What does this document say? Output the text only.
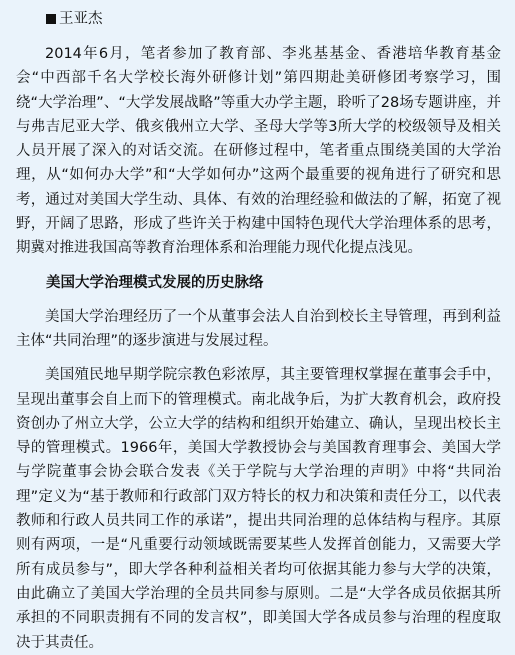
王亚杰

2014年6月，笔者参加了教育部、李兆基基金、香港培华教育基金会“中西部千名大学校长海外研修计划”第四期赴美研修团考察学习，围绕“大学治理”、“大学发展战略”等重大办学主题，聆听了28场专题讲座，并与弗吉尼亚大学、俄亥俄州立大学、圣母大学等3所大学的校级领导及相关人员开展了深入的对话交流。在研修过程中，笔者重点围绕美国的大学治理，从“如何办大学”和“大学如何办”这两个最重要的视角进行了研究和思考，通过对美国大学生动、具体、有效的治理经验和做法的了解，拓宽了视野，开阔了思路，形成了些许关于构建中国特色现代大学治理体系的思考，期冀对推进我国高等教育治理体系和治理能力现代化提点浅见。

美国大学治理模式发展的历史脉络

美国大学治理经历了一个从董事会法人自治到校长主导管理，再到利益主体“共同治理”的逐步演进与发展过程。

美国殖民地早期学院宗教色彩浓厚，其主要管理权掌握在董事会手中，呈现出董事会自上而下的管理模式。南北战争后，为扩大教育机会，政府投资创办了州立大学，公立大学的结构和组织开始建立、确认，呈现出校长主导的管理模式。1966年，美国大学教授协会与美国教育理事会、美国大学与学院董事会协会联合发表《关于学院与大学治理的声明》中将“共同治理”定义为“基于教师和行政部门双方特长的权力和决策和责任分工，以代表教师和行政人员共同工作的承诺”，提出共同治理的总体结构与程序。其原则有两项，一是“凡重要行动领域既需要某些人发挥首创能力，又需要大学所有成员参与”，即大学各种利益相关者均可依据其能力参与大学的决策，由此确立了美国大学治理的全员共同参与原则。二是“大学各成员依据其所承担的不同职责拥有不同的发言权”，即美国大学各成员参与治理的程度取决于其责任。
